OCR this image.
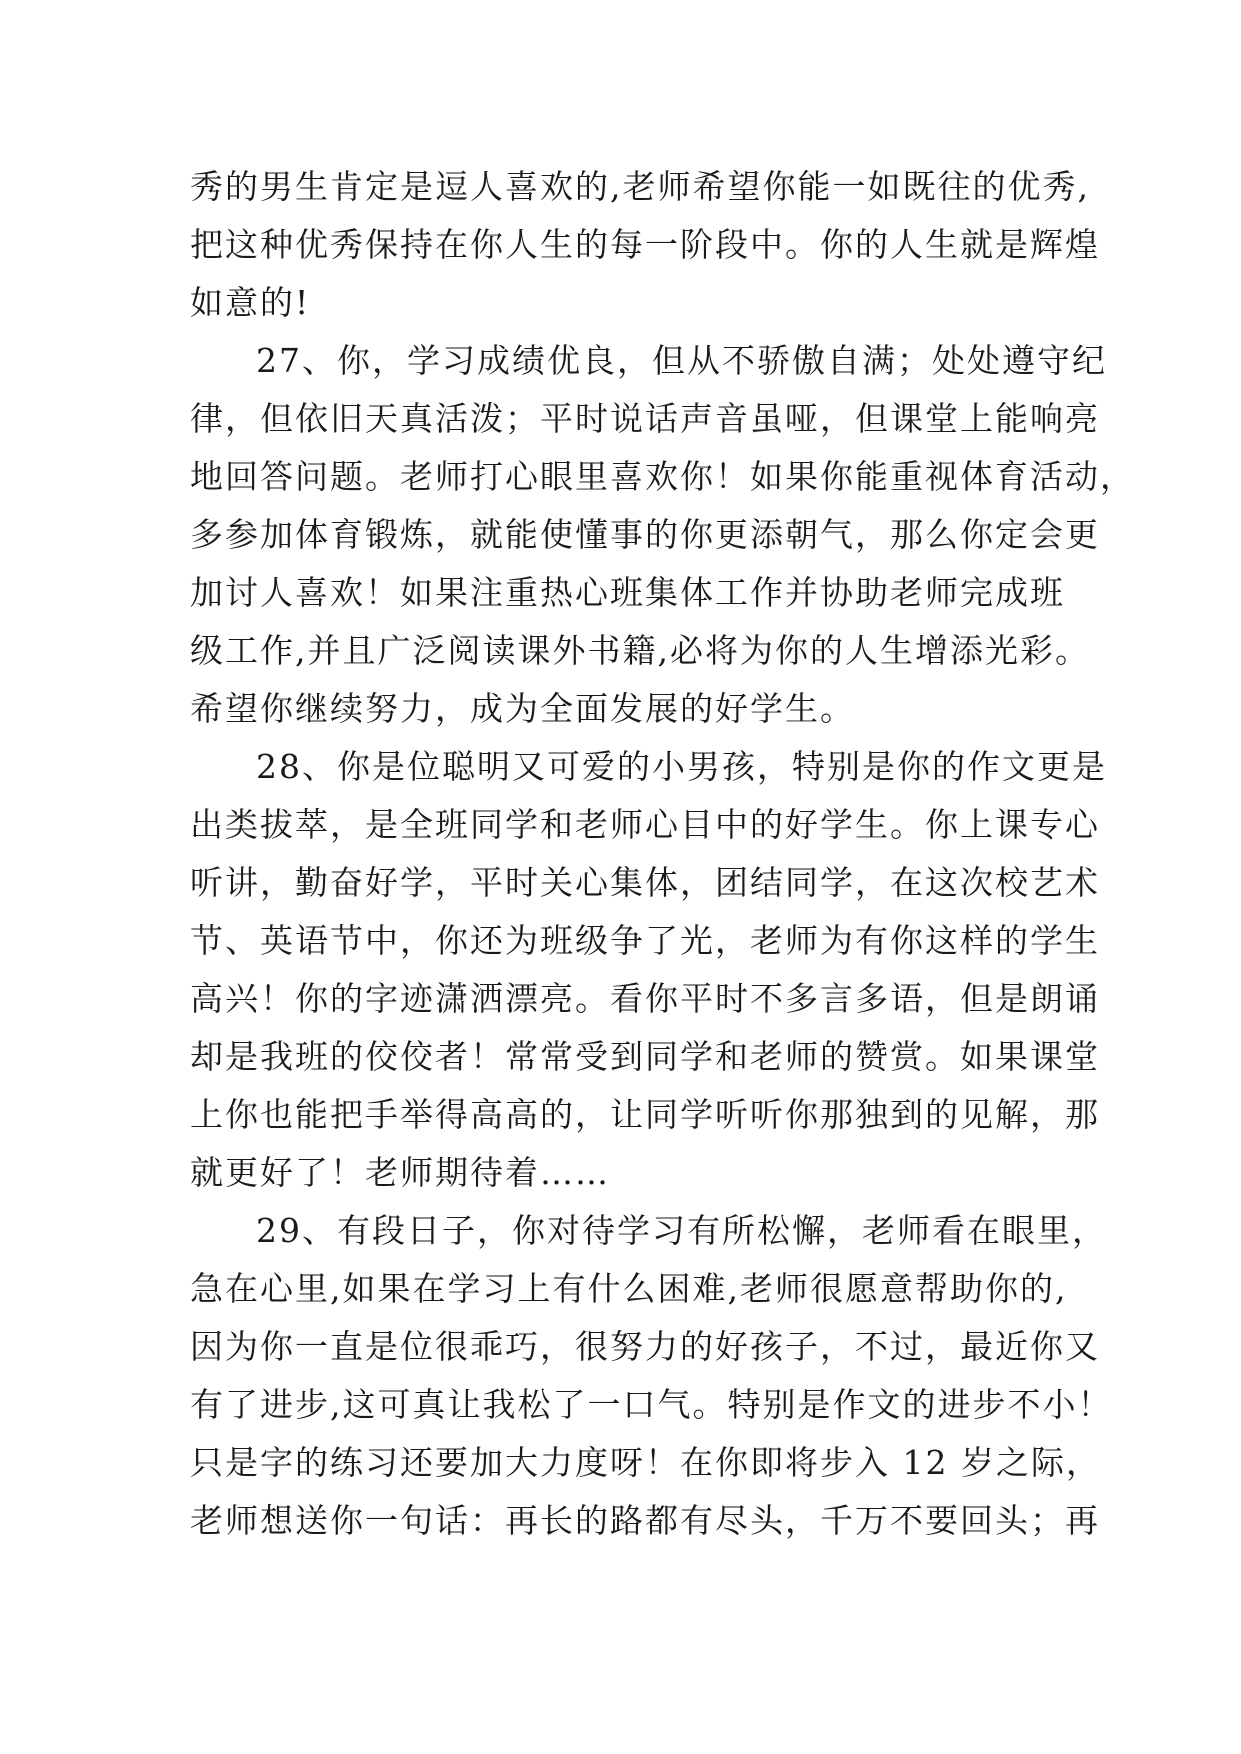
秀的男生肯定是逗人喜欢的,老师希望你能一如既往的优秀,
把这种优秀保持在你人生的每一阶段中。你的人生就是辉煌
如意的!
27、你，学习成绩优良，但从不骄傲自满；处处遵守纪
律，但依旧天真活泼；平时说话声音虽哑，但课堂上能响亮
地回答问题。老师打心眼里喜欢你！如果你能重视体育活动，
多参加体育锻炼，就能使懂事的你更添朝气，那么你定会更
加讨人喜欢！如果注重热心班集体工作并协助老师完成班
级工作,并且广泛阅读课外书籍,必将为你的人生增添光彩。
希望你继续努力，成为全面发展的好学生。
28、你是位聪明又可爱的小男孩，特别是你的作文更是
出类拔萃，是全班同学和老师心目中的好学生。你上课专心
听讲，勤奋好学，平时关心集体，团结同学，在这次校艺术
节、英语节中，你还为班级争了光，老师为有你这样的学生
高兴！你的字迹潇洒漂亮。看你平时不多言多语，但是朗诵
却是我班的佼佼者！常常受到同学和老师的赞赏。如果课堂
上你也能把手举得高高的，让同学听听你那独到的见解，那
就更好了！老师期待着……
29、有段日子，你对待学习有所松懈，老师看在眼里，
急在心里,如果在学习上有什么困难,老师很愿意帮助你的,
因为你一直是位很乖巧，很努力的好孩子，不过，最近你又
有了进步,这可真让我松了一口气。特别是作文的进步不小！
只是字的练习还要加大力度呀！在你即将步入 12 岁之际，
老师想送你一句话：再长的路都有尽头，千万不要回头；再
